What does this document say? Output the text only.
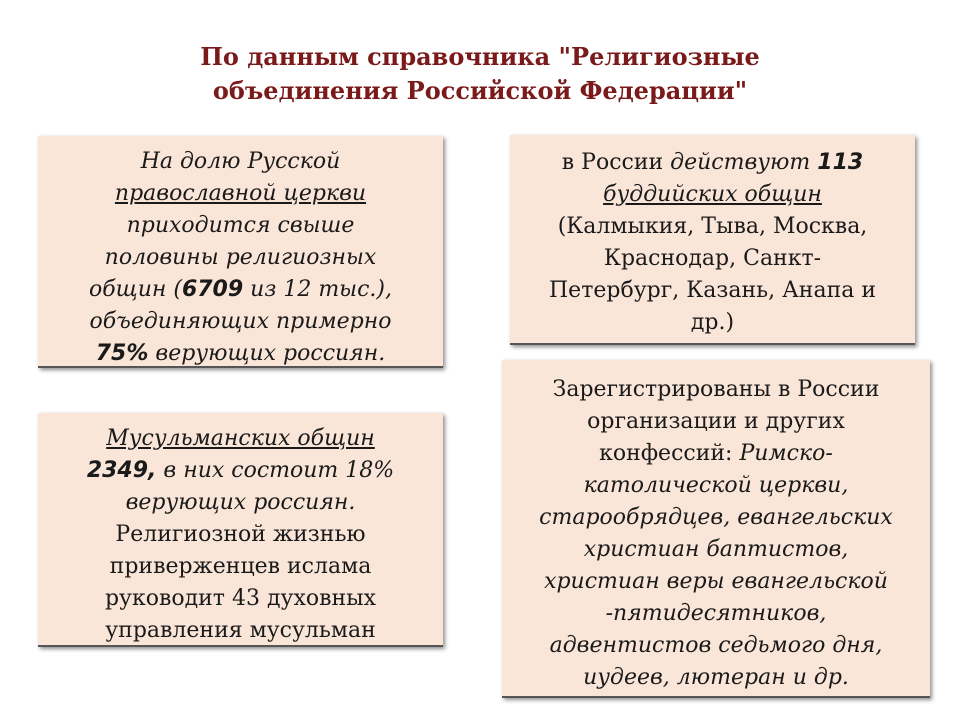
По данным справочника "Религиозные
объединения Российской Федерации"
На долю Русской
православной церкви
приходится свыше
половины религиозных
общин (6709 из 12 тыс.),
объединяющих примерно
75% верующих россиян.
Мусульманских общин
2349, в них состоит 18%
верующих россиян.
Религиозной жизнью
приверженцев ислама
руководит 43 духовных
управления мусульман
в России действуют 113
буддийских общин
(Калмыкия, Тыва, Москва,
Краснодар, Санкт-
Петербург, Казань, Анапа и
др.)
Зарегистрированы в России
организации и других
конфессий: Римско-
католической церкви,
старообрядцев, евангельских
христиан баптистов,
христиан веры евангельской
-пятидесятников,
адвентистов седьмого дня,
иудеев, лютеран и др.
